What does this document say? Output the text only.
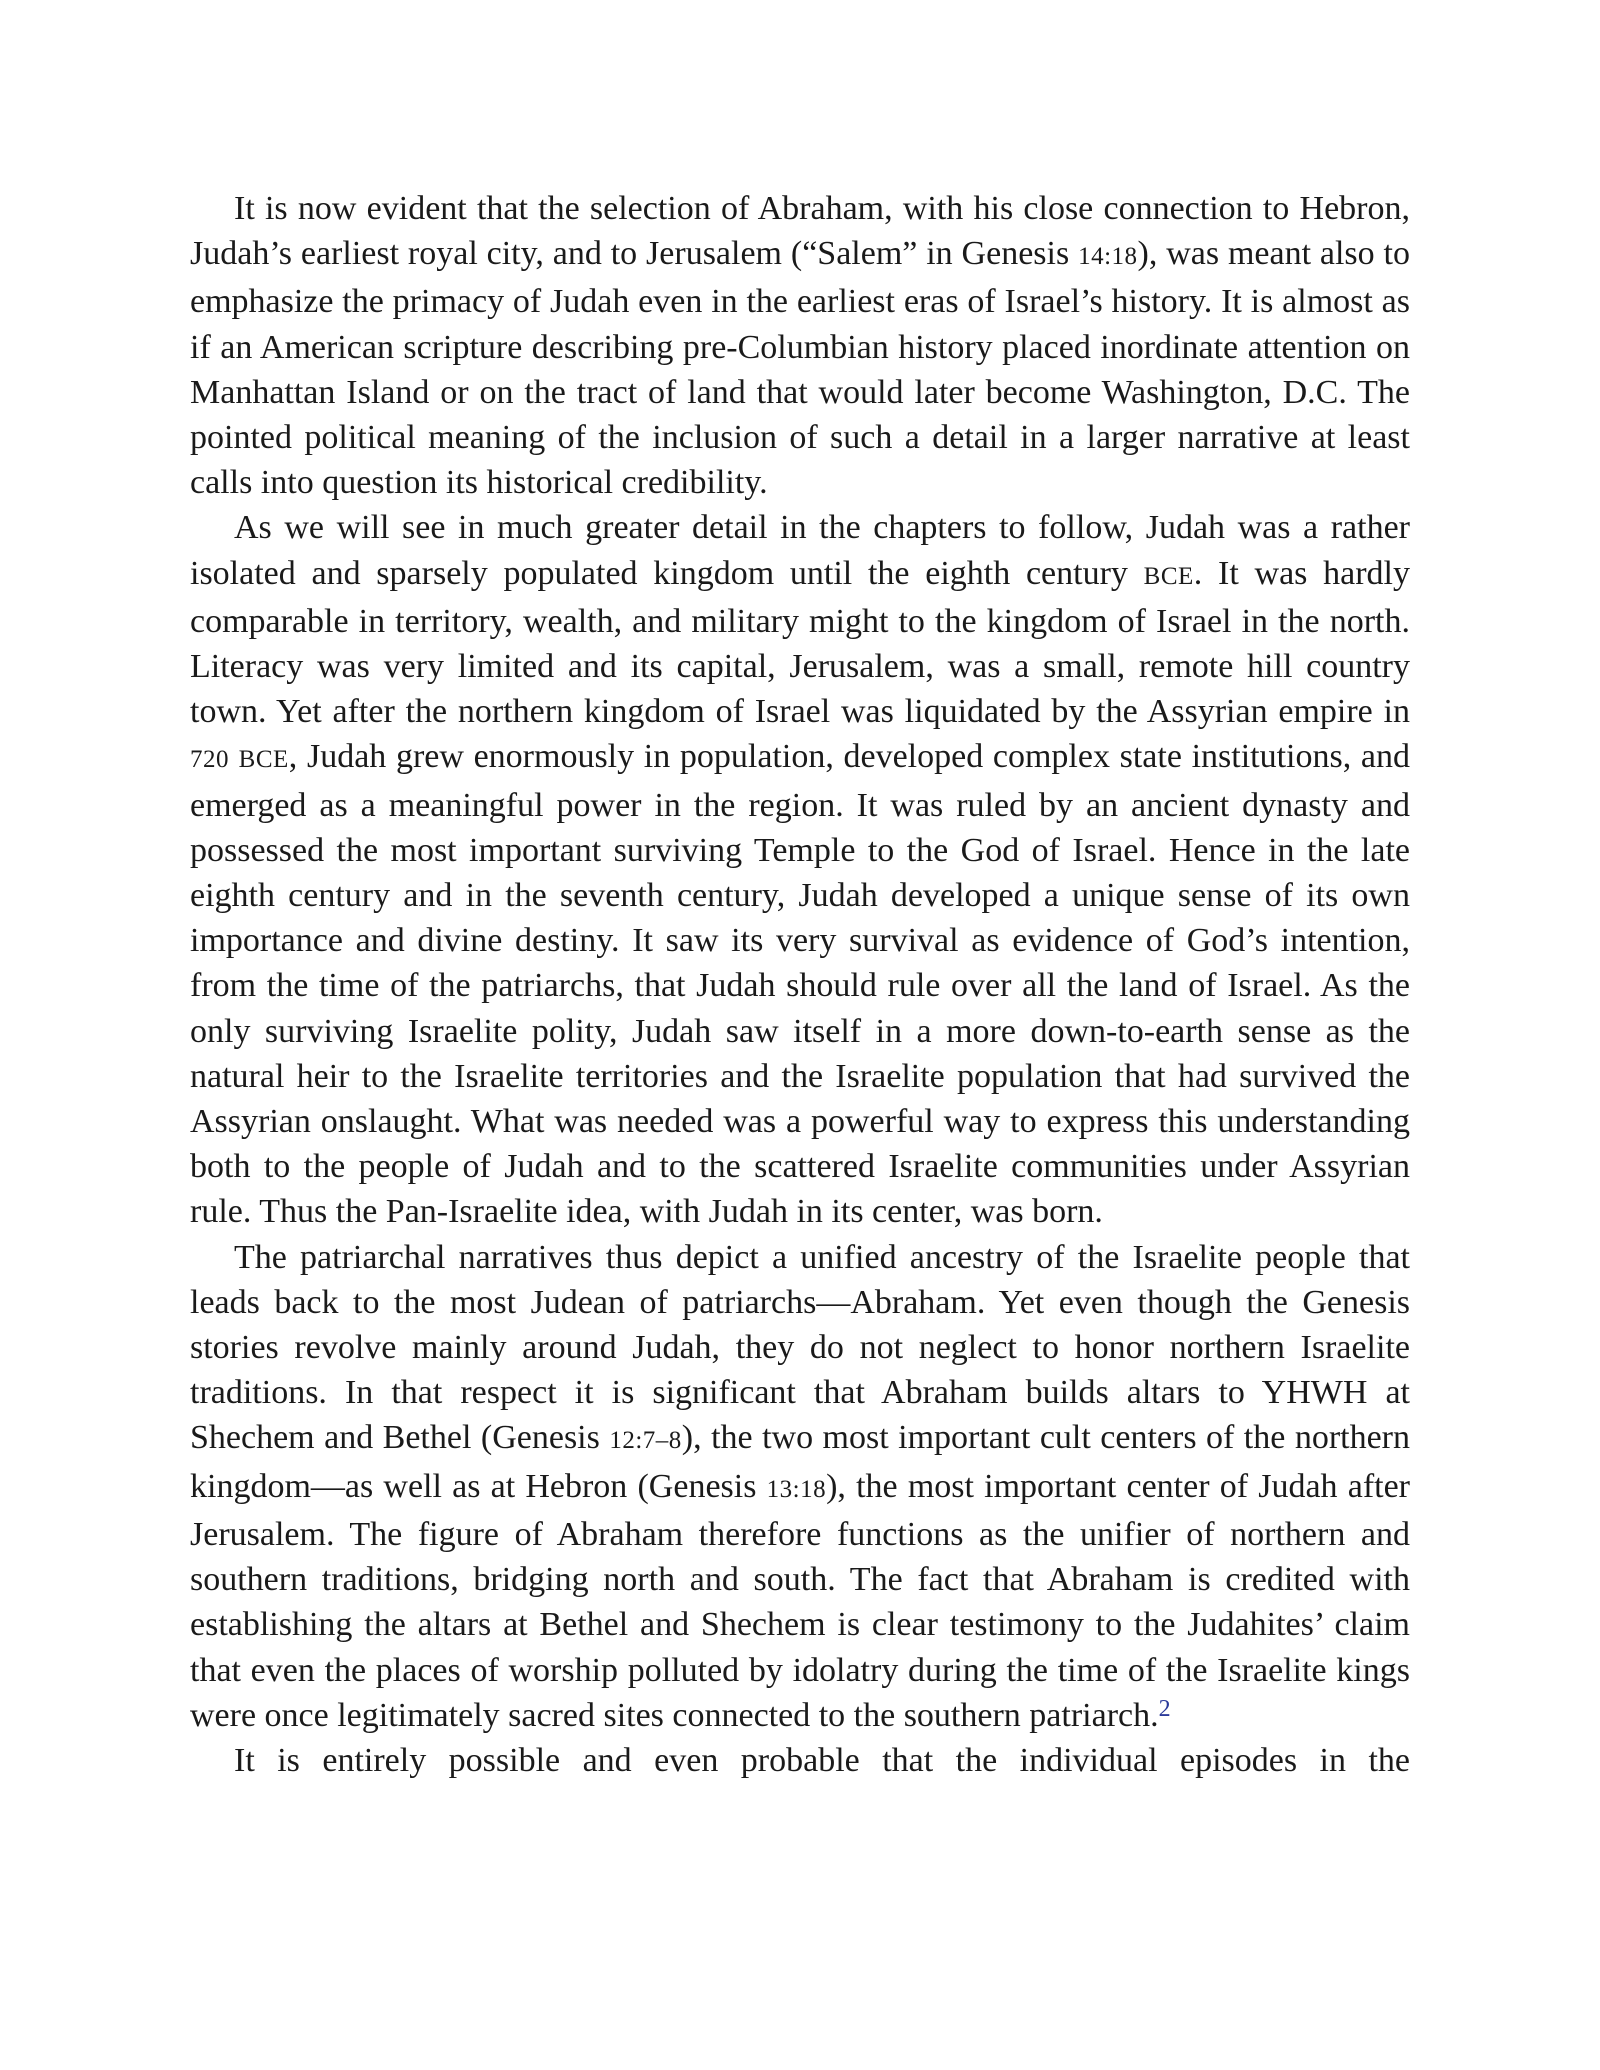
It is now evident that the selection of Abraham, with his close connection to Hebron, Judah’s earliest royal city, and to Jerusalem (“Salem” in Genesis 14:18), was meant also to emphasize the primacy of Judah even in the earliest eras of Israel’s history. It is almost as if an American scripture describing pre-Columbian history placed inordinate attention on Manhattan Island or on the tract of land that would later become Washington, D.C. The pointed political meaning of the inclusion of such a detail in a larger narrative at least calls into question its historical credibility.

As we will see in much greater detail in the chapters to follow, Judah was a rather isolated and sparsely populated kingdom until the eighth century BCE. It was hardly comparable in territory, wealth, and military might to the kingdom of Israel in the north. Literacy was very limited and its capital, Jerusalem, was a small, remote hill country town. Yet after the northern kingdom of Israel was liquidated by the Assyrian empire in 720 BCE, Judah grew enormously in population, developed complex state institutions, and emerged as a meaningful power in the region. It was ruled by an ancient dynasty and possessed the most important surviving Temple to the God of Israel. Hence in the late eighth century and in the seventh century, Judah developed a unique sense of its own importance and divine destiny. It saw its very survival as evidence of God’s intention, from the time of the patriarchs, that Judah should rule over all the land of Israel. As the only surviving Israelite polity, Judah saw itself in a more down-to-earth sense as the natural heir to the Israelite territories and the Israelite population that had survived the Assyrian onslaught. What was needed was a powerful way to express this understanding both to the people of Judah and to the scattered Israelite communities under Assyrian rule. Thus the Pan-Israelite idea, with Judah in its center, was born.

The patriarchal narratives thus depict a unified ancestry of the Israelite people that leads back to the most Judean of patriarchs—Abraham. Yet even though the Genesis stories revolve mainly around Judah, they do not neglect to honor northern Israelite traditions. In that respect it is significant that Abraham builds altars to YHWH at Shechem and Bethel (Genesis 12:7–8), the two most important cult centers of the northern kingdom—as well as at Hebron (Genesis 13:18), the most important center of Judah after Jerusalem. The figure of Abraham therefore functions as the unifier of northern and southern traditions, bridging north and south. The fact that Abraham is credited with establishing the altars at Bethel and Shechem is clear testimony to the Judahites’ claim that even the places of worship polluted by idolatry during the time of the Israelite kings were once legitimately sacred sites connected to the southern patriarch.$^2$

It is entirely possible and even probable that the individual episodes in the
